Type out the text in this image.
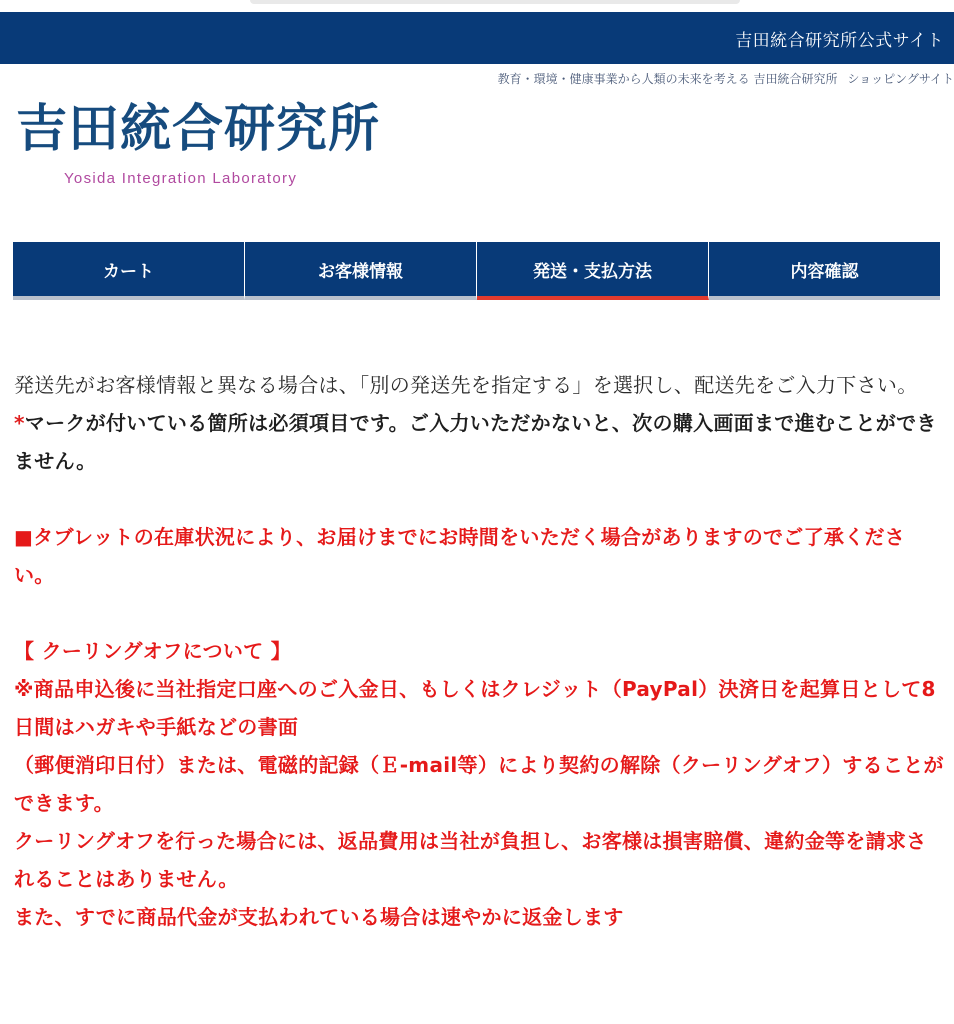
吉田統合研究所公式サイト
教育・環境・健康事業から人類の未来を考える 吉田統合研究所 ショッピングサイト
吉田統合研究所
Yosida Integration Laboratory
カート	お客様情報	発送・支払方法	内容確認

発送先がお客様情報と異なる場合は、「別の発送先を指定する」を選択し、配送先をご入力下さい。

*マークが付いている箇所は必須項目です。ご入力いただかないと、次の購入画面まで進むことができません。

■タブレットの在庫状況により、お届けまでにお時間をいただく場合がありますのでご了承ください。

【 クーリングオフについて 】

※商品申込後に当社指定口座へのご入金日、もしくはクレジット（PayPal）決済日を起算日として8日間はハガキや手紙などの書面

（郵便消印日付）または、電磁的記録（Ｅ-mail等）により契約の解除（クーリングオフ）することができます。

クーリングオフを行った場合には、返品費用は当社が負担し、お客様は損害賠償、違約金等を請求されることはありません。

また、すでに商品代金が支払われている場合は速やかに返金します
